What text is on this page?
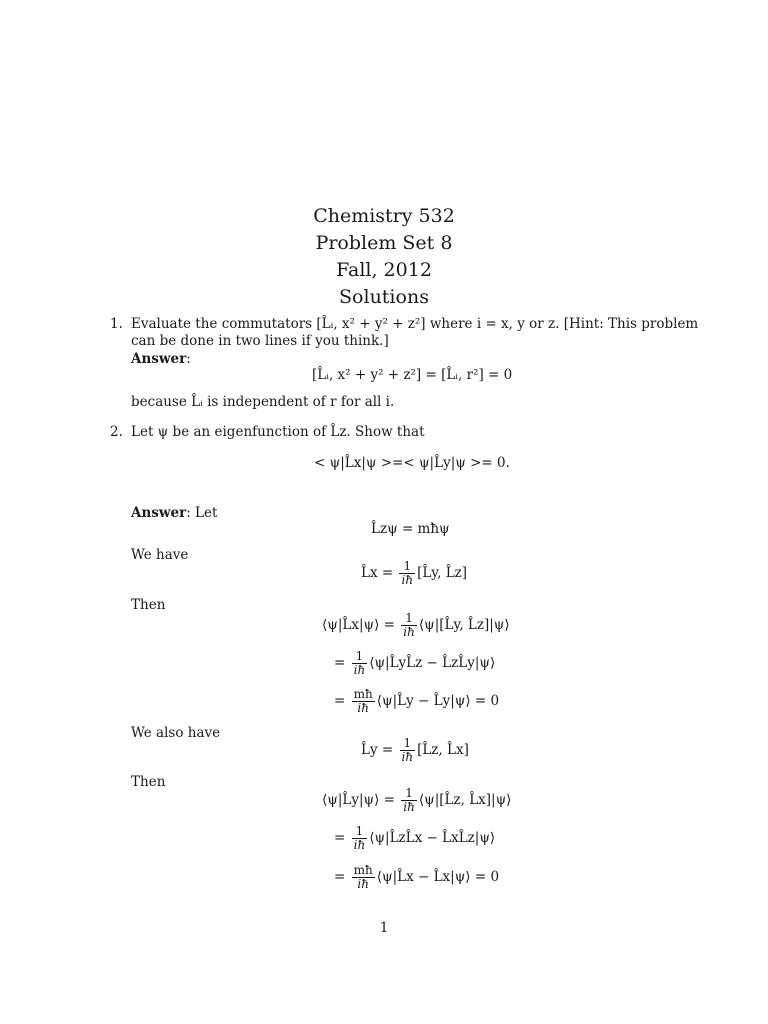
Chemistry 532
Problem Set 8
Fall, 2012
Solutions
1. Evaluate the commutators [L̂ᵢ, x² + y² + z²] where i = x, y or z. [Hint: This problem
can be done in two lines if you think.]
Answer:
[L̂ᵢ, x² + y² + z²] = [L̂ᵢ, r²] = 0
because L̂ᵢ is independent of r for all i.
2. Let ψ be an eigenfunction of L̂z. Show that
< ψ|L̂x|ψ >=< ψ|L̂y|ψ >= 0.
Answer: Let
L̂zψ = mħψ
We have
L̂x = $\frac{1}{iħ}$ [L̂y, L̂z]
Then
⟨ψ|L̂x|ψ⟩ = $\frac{1}{iħ}$ ⟨ψ|[L̂y, L̂z]|ψ⟩
= $\frac{1}{iħ}$ ⟨ψ|L̂yL̂z − L̂zL̂y|ψ⟩
= $\frac{mħ}{iħ}$ ⟨ψ|L̂y − L̂y|ψ⟩ = 0
We also have
L̂y = $\frac{1}{iħ}$ [L̂z, L̂x]
Then
⟨ψ|L̂y|ψ⟩ = $\frac{1}{iħ}$ ⟨ψ|[L̂z, L̂x]|ψ⟩
= $\frac{1}{iħ}$ ⟨ψ|L̂zL̂x − L̂xL̂z|ψ⟩
= $\frac{mħ}{iħ}$ ⟨ψ|L̂x − L̂x|ψ⟩ = 0
1
